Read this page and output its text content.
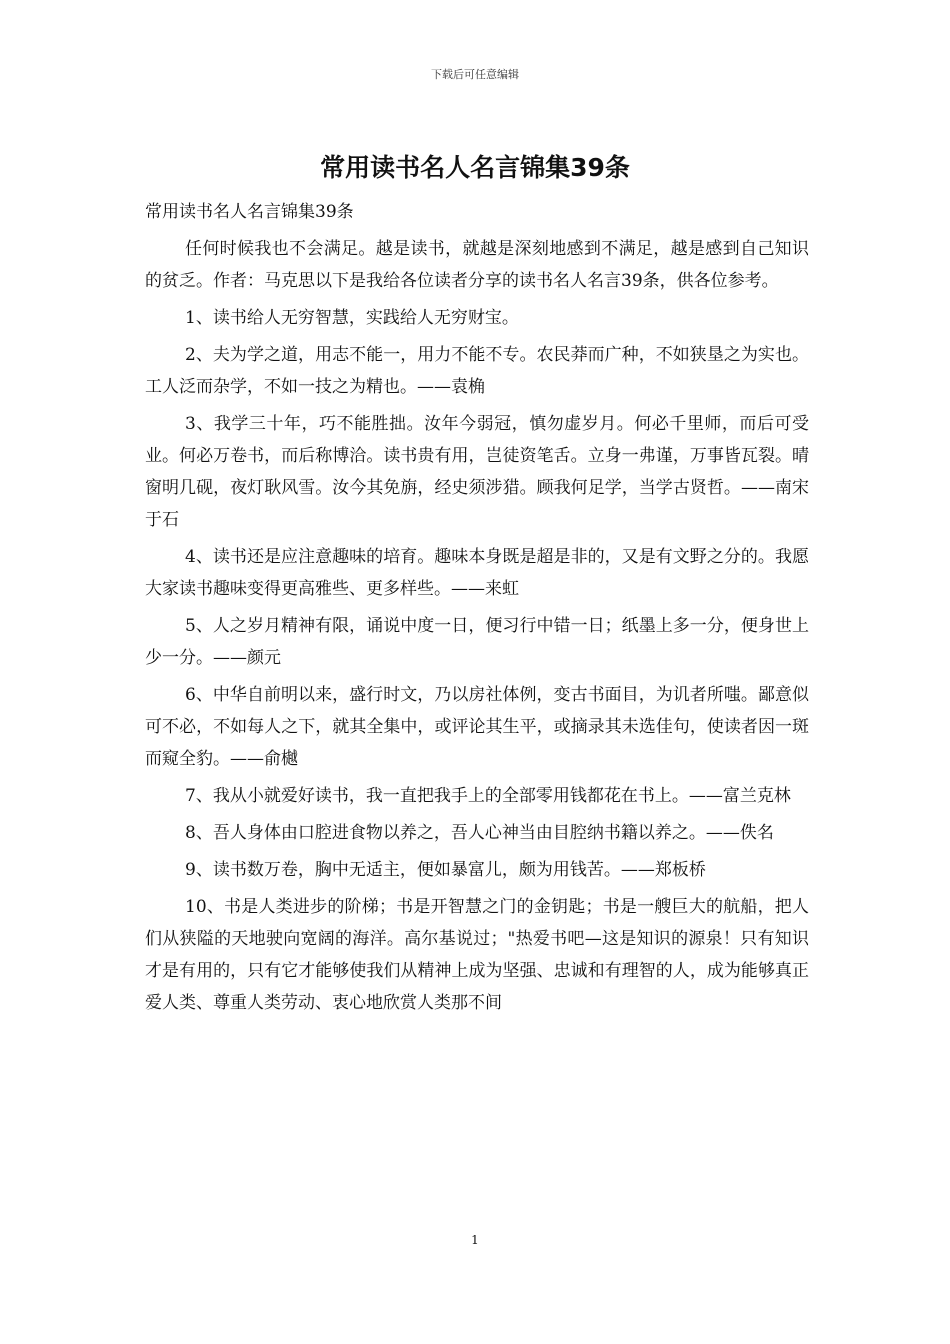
下载后可任意编辑
常用读书名人名言锦集39条

常用读书名人名言锦集39条

任何时候我也不会满足。越是读书，就越是深刻地感到不满足，越是感到自己知识的贫乏。作者：马克思以下是我给各位读者分享的读书名人名言39条，供各位参考。

1、读书给人无穷智慧，实践给人无穷财宝。

2、夫为学之道，用志不能一，用力不能不专。农民莽而广种，不如狭垦之为实也。工人泛而杂学，不如一技之为精也。——袁桷

3、我学三十年，巧不能胜拙。汝年今弱冠，慎勿虚岁月。何必千里师，而后可受业。何必万卷书，而后称博洽。读书贵有用，岂徒资笔舌。立身一弗谨，万事皆瓦裂。晴窗明几砚，夜灯耿风雪。汝今其免旃，经史须涉猎。顾我何足学，当学古贤哲。——南宋于石

4、读书还是应注意趣味的培育。趣味本身既是超是非的，又是有文野之分的。我愿大家读书趣味变得更高雅些、更多样些。——来虹

5、人之岁月精神有限，诵说中度一日，便习行中错一日；纸墨上多一分，便身世上少一分。——颜元

6、中华自前明以来，盛行时文，乃以房社体例，变古书面目，为讥者所嗤。鄙意似可不必，不如每人之下，就其全集中，或评论其生平，或摘录其未选佳句，使读者因一斑而窥全豹。——俞樾

7、我从小就爱好读书，我一直把我手上的全部零用钱都花在书上。——富兰克林

8、吾人身体由口腔进食物以养之，吾人心神当由目腔纳书籍以养之。——佚名

9、读书数万卷，胸中无适主，便如暴富儿，颇为用钱苦。——郑板桥

10、书是人类进步的阶梯；书是开智慧之门的金钥匙；书是一艘巨大的航船，把人们从狭隘的天地驶向宽阔的海洋。高尔基说过；"热爱书吧—这是知识的源泉！只有知识才是有用的，只有它才能够使我们从精神上成为坚强、忠诚和有理智的人，成为能够真正爱人类、尊重人类劳动、衷心地欣赏人类那不间

1
